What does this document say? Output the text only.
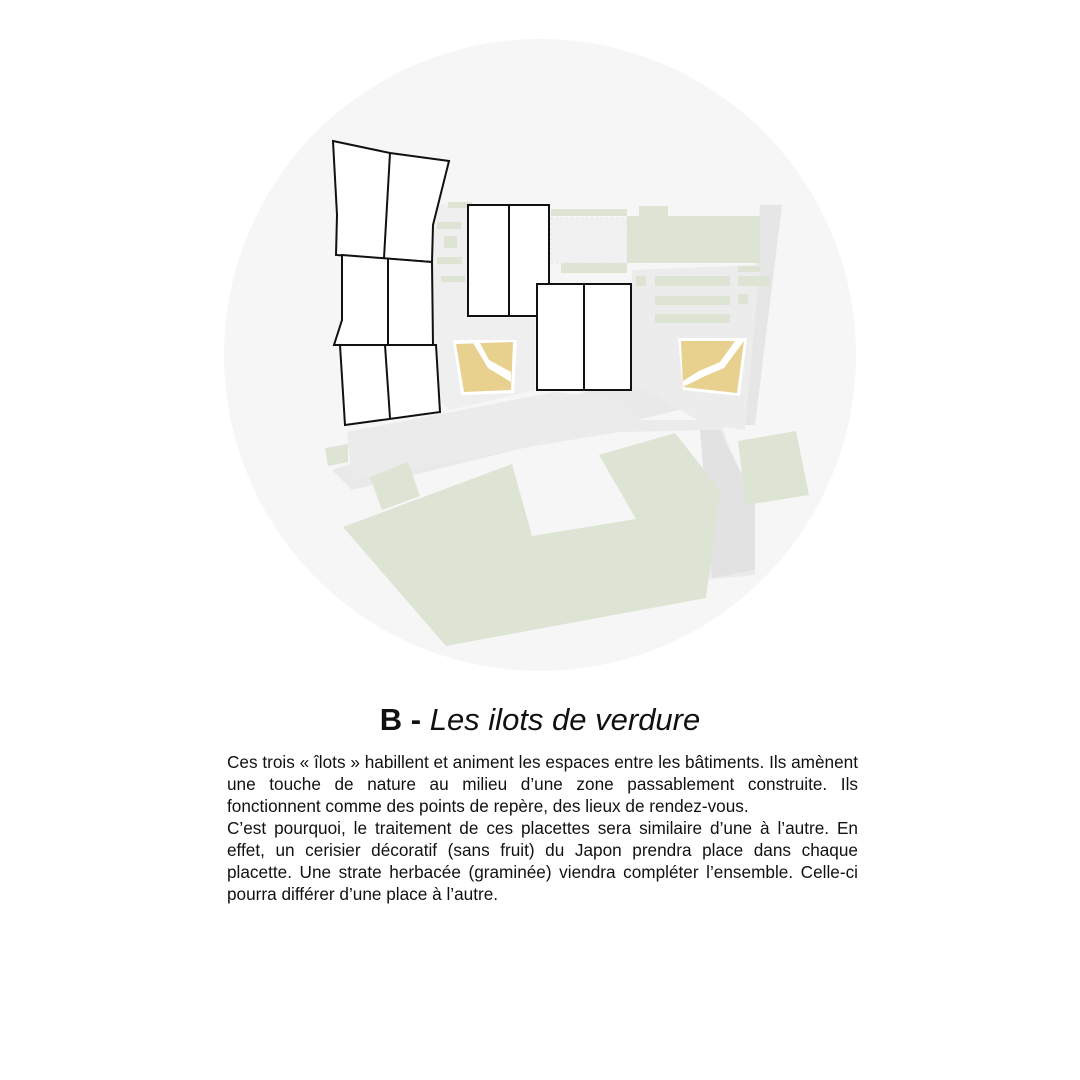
B - Les ilots de verdure

Ces trois « îlots » habillent et animent les espaces entre les bâtiments. Ils amènent une touche de nature au milieu d’une zone passablement construite. Ils fonctionnent comme des points de repère, des lieux de rendez-vous.

C’est pourquoi, le traitement de ces placettes sera similaire d’une à l’autre. En effet, un cerisier décoratif (sans fruit) du Japon prendra place dans chaque placette. Une strate herbacée (graminée) viendra compléter l’ensemble. Celle-ci pourra différer d’une place à l’autre.
